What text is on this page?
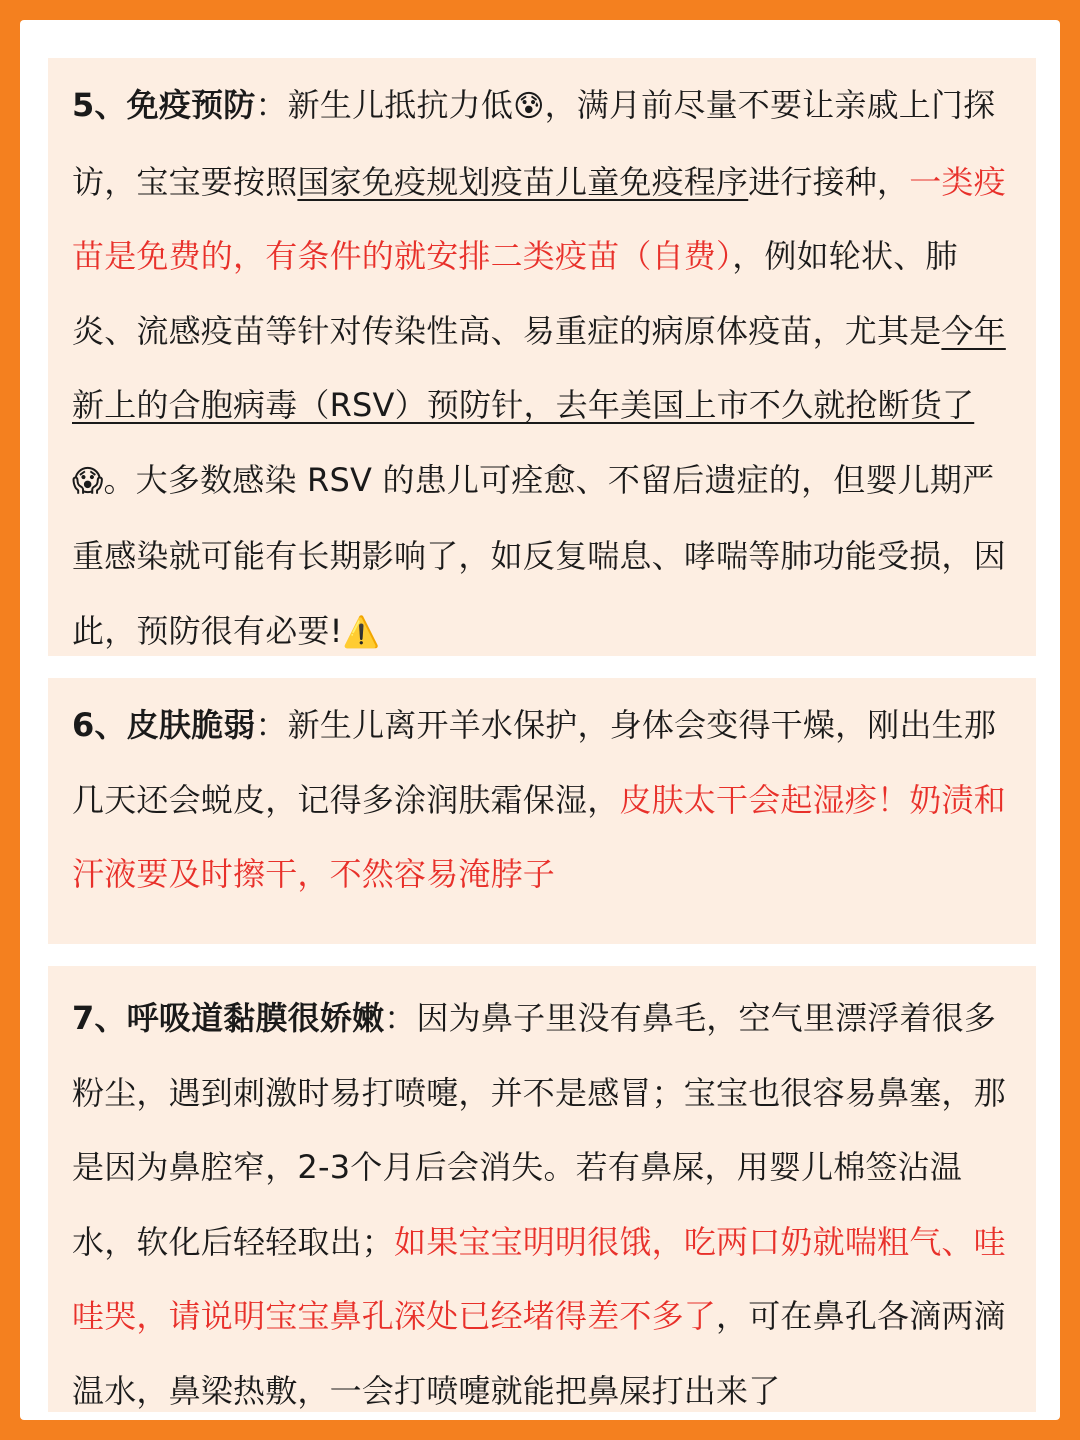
5、免疫预防：新生儿抵抗力低😰，满月前尽量不要让亲戚上门探访，宝宝要按照国家免疫规划疫苗儿童免疫程序进行接种，一类疫苗是免费的，有条件的就安排二类疫苗（自费），例如轮状、肺炎、流感疫苗等针对传染性高、易重症的病原体疫苗，尤其是今年新上的合胞病毒（RSV）预防针，去年美国上市不久就抢断货了😱。大多数感染 RSV 的患儿可痊愈、不留后遗症的，但婴儿期严重感染就可能有长期影响了，如反复喘息、哮喘等肺功能受损，因此，预防很有必要!⚠️

6、皮肤脆弱：新生儿离开羊水保护，身体会变得干燥，刚出生那几天还会蜕皮，记得多涂润肤霜保湿，皮肤太干会起湿疹！奶渍和汗液要及时擦干，不然容易淹脖子

7、呼吸道黏膜很娇嫩：因为鼻子里没有鼻毛，空气里漂浮着很多粉尘，遇到刺激时易打喷嚏，并不是感冒；宝宝也很容易鼻塞，那是因为鼻腔窄，2-3个月后会消失。若有鼻屎，用婴儿棉签沾温水，软化后轻轻取出；如果宝宝明明很饿，吃两口奶就喘粗气、哇哇哭，请说明宝宝鼻孔深处已经堵得差不多了，可在鼻孔各滴两滴温水，鼻梁热敷，一会打喷嚏就能把鼻屎打出来了
